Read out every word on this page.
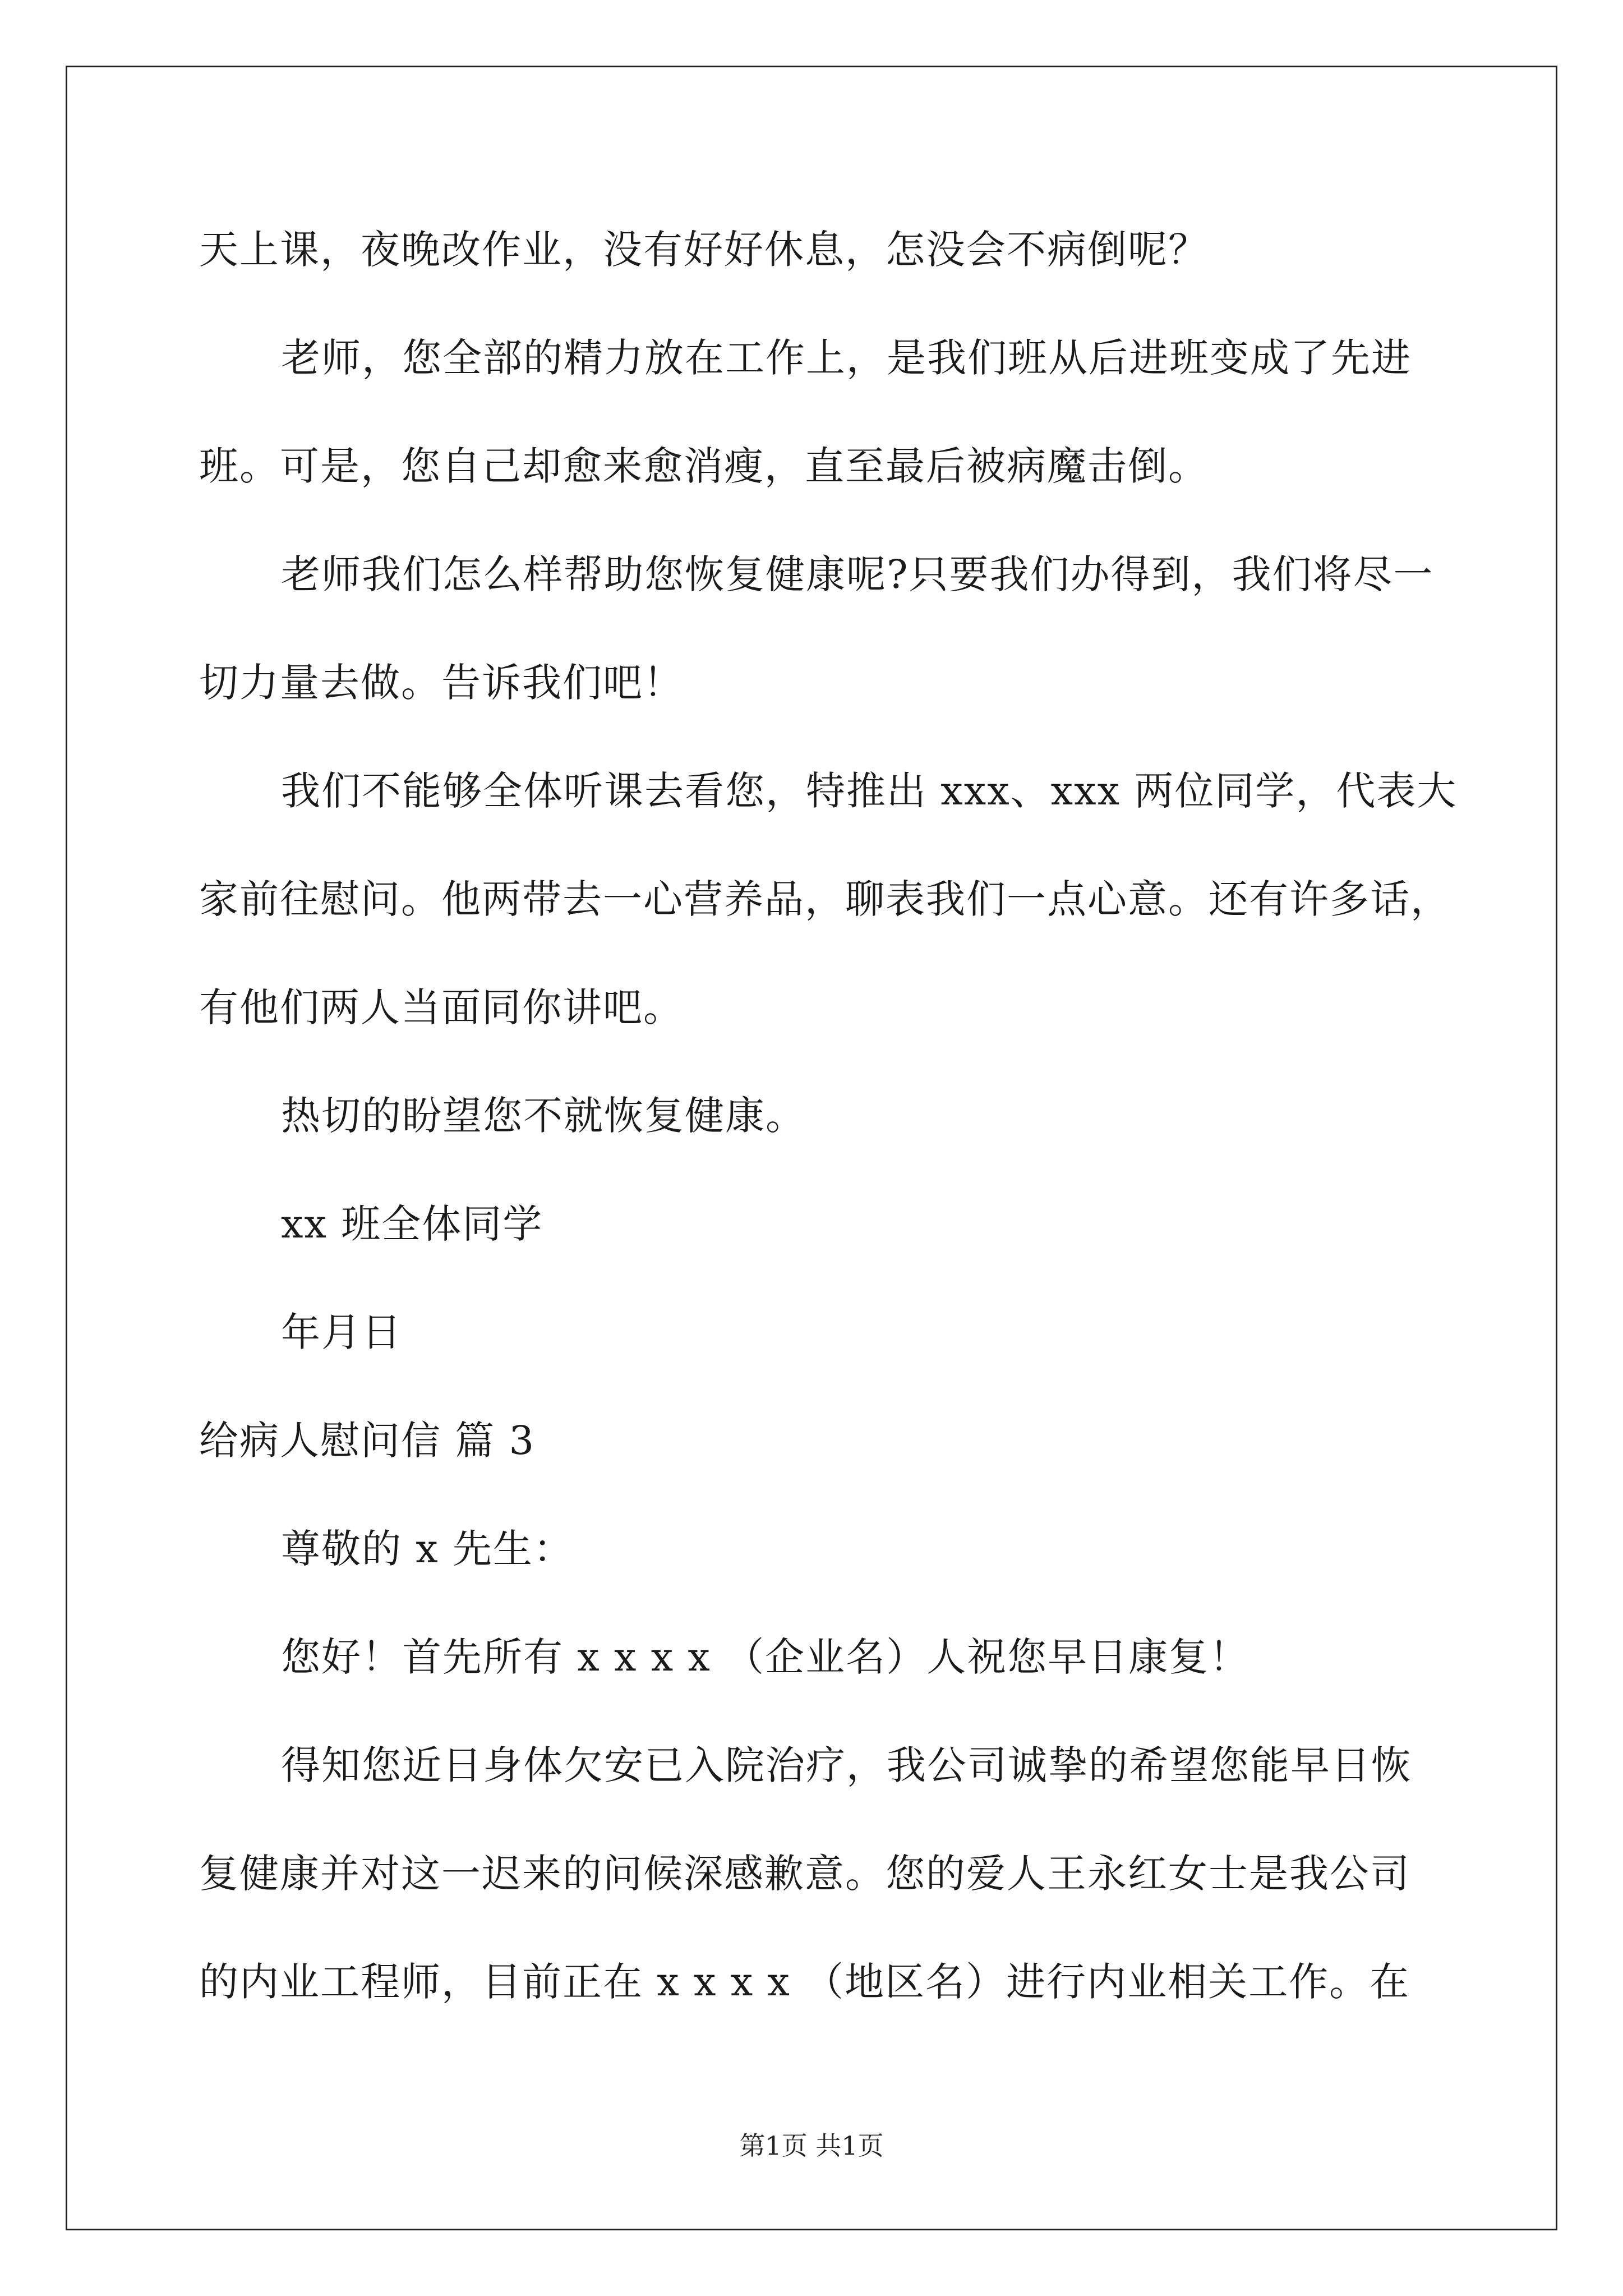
天上课，夜晚改作业，没有好好休息，怎没会不病倒呢？
老师，您全部的精力放在工作上，是我们班从后进班变成了先进
班。可是，您自己却愈来愈消瘦，直至最后被病魔击倒。
老师我们怎么样帮助您恢复健康呢?只要我们办得到，我们将尽一
切力量去做。告诉我们吧！
我们不能够全体听课去看您，特推出 xxx、xxx 两位同学，代表大
家前往慰问。他两带去一心营养品，聊表我们一点心意。还有许多话，
有他们两人当面同你讲吧。
热切的盼望您不就恢复健康。
xx 班全体同学
年月日
给病人慰问信 篇 3
尊敬的 x 先生：
您好！首先所有 x x x x （企业名）人祝您早日康复！
得知您近日身体欠安已入院治疗，我公司诚挚的希望您能早日恢
复健康并对这一迟来的问候深感歉意。您的爱人王永红女士是我公司
的内业工程师，目前正在 x x x x （地区名）进行内业相关工作。在
第1页 共1页
